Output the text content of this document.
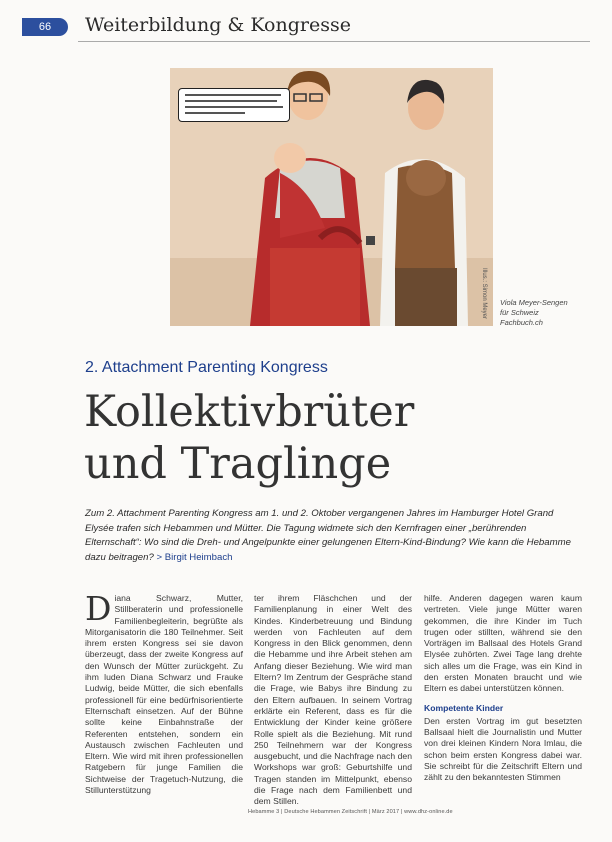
66	Weiterbildung & Kongresse
Illus.: Simon Meyer Viola Meyer-Sengen
für Schweiz
Fachbuch.ch
2. Attachment Parenting Kongress
Kollektivbrüter
und Traglinge
Zum 2. Attachment Parenting Kongress am 1. und 2. Oktober vergangenen Jahres im Hamburger Hotel Grand Elysée trafen sich Hebammen und Mütter. Die Tagung widmete sich den Kernfragen einer „berührenden Elternschaft“: Wo sind die Dreh- und Angelpunkte einer gelungenen Eltern-Kind-Bindung? Wie kann die Hebamme dazu beitragen? > Birgit Heimbach
D iana Schwarz, Mutter, Stillberaterin und professionelle Familienbegleiterin, begrüßte als Mitorganisatorin die 180 Teilnehmer. Seit ihrem ersten Kongress sei sie davon überzeugt, dass der zweite Kongress auf den Wunsch der Mütter zurückgeht. Zu ihm luden Diana Schwarz und Frauke Ludwig, beide Mütter, die sich ebenfalls professionell für eine bedürfnisorientierte Elternschaft einsetzen. Auf der Bühne sollte keine Einbahnstraße der Referenten entstehen, sondern ein Austausch zwischen Fachleuten und Eltern. Wie wird mit ihren professionellen Ratgebern für junge Familien die Sichtweise der Tragetuch-Nutzung, die Stillunterstützung
ter ihrem Fläschchen und der Familienplanung in einer Welt des Kindes. Kinderbetreuung und Bindung werden von Fachleuten auf dem Kongress in den Blick genommen, denn die Hebamme und ihre Arbeit stehen am Anfang dieser Beziehung. Wie wird man Eltern? Im Zentrum der Gespräche stand die Frage, wie Babys ihre Bindung zu den Eltern aufbauen. In seinem Vortrag erklärte ein Referent, dass es für die Entwicklung der Kinder keine größere Rolle spielt als die Beziehung. Mit rund 250 Teilnehmern war der Kongress ausgebucht, und die Nachfrage nach den Workshops war groß: Geburtshilfe und Tragen standen im Mittelpunkt, ebenso die Frage nach dem Familienbett und dem Stillen.
hilfe. Anderen dagegen waren kaum vertreten. Viele junge Mütter waren gekommen, die ihre Kinder im Tuch trugen oder stillten, während sie den Vorträgen im Ballsaal des Hotels Grand Elysée zuhörten. Zwei Tage lang drehte sich alles um die Frage, was ein Kind in den ersten Monaten braucht und wie Eltern es dabei unterstützen können.
Kompetente Kinder
Den ersten Vortrag im gut besetzten Ballsaal hielt die Journalistin und Mutter von drei kleinen Kindern Nora Imlau, die schon beim ersten Kongress dabei war. Sie schreibt für die Zeitschrift Eltern und zählt zu den bekanntesten Stimmen
Hebamme 3 | Deutsche Hebammen Zeitschrift | März 2017 | www.dhz-online.de
